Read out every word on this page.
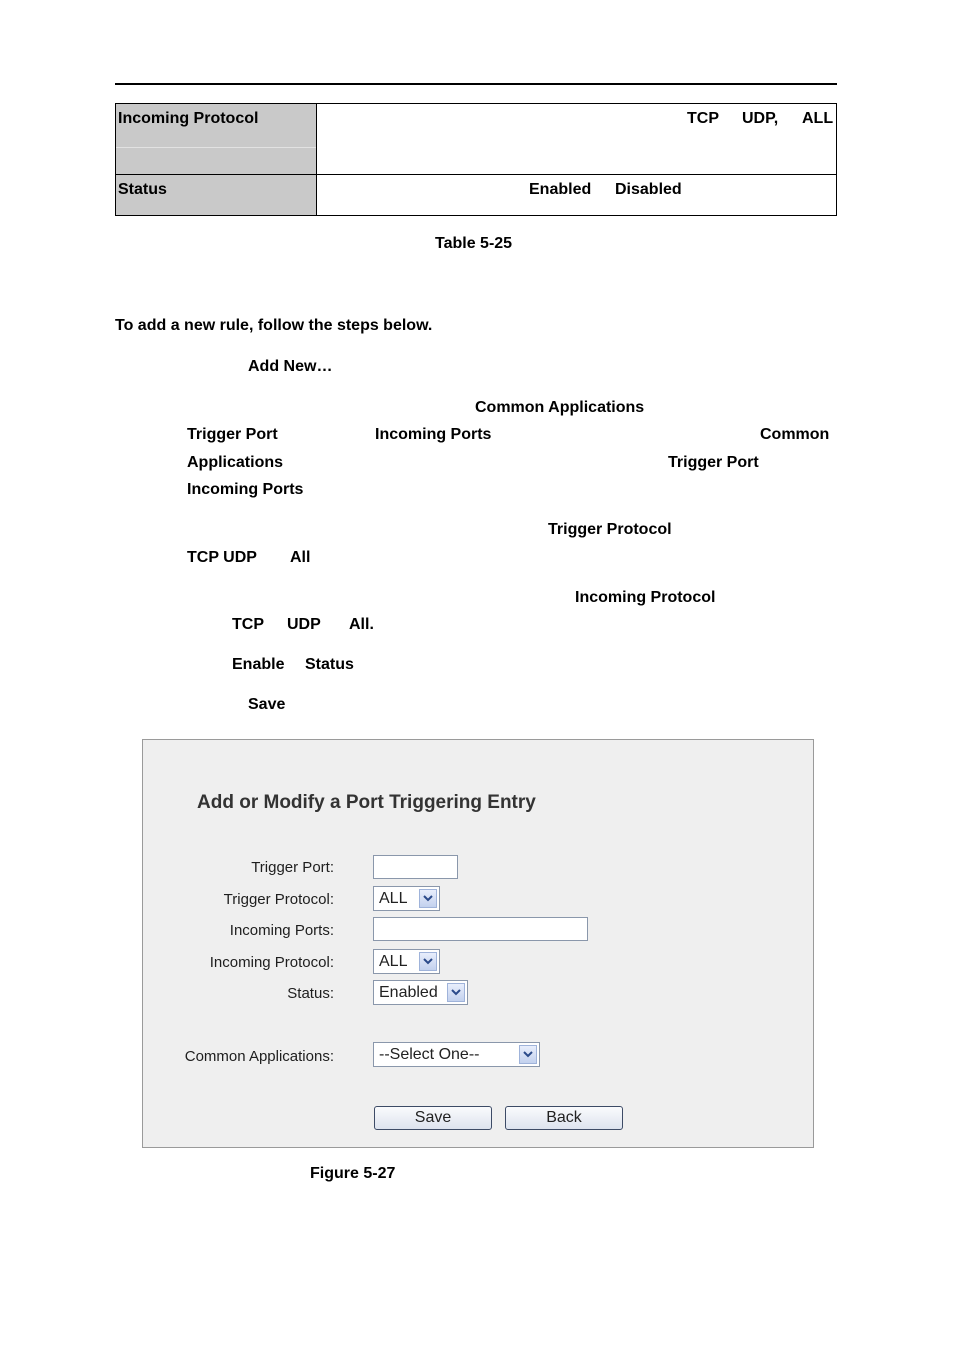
Incoming Protocol	TCP UDP, ALL

Status	Enabled Disabled
Table 5-25
To add a new rule, follow the steps below.
Add New…
Common Applications
Trigger Port	Incoming Ports	Common
Applications	Trigger Port
Incoming Ports
Trigger Protocol
TCP UDP All
Incoming Protocol
TCP UDP All.
Enable Status
Save
Add or Modify a Port Triggering Entry
Trigger Port:
Trigger Protocol:	ALL
Incoming Ports:
Incoming Protocol:	ALL
Status:	Enabled
Common Applications:	--Select One--
Save	Back
Figure 5-27
